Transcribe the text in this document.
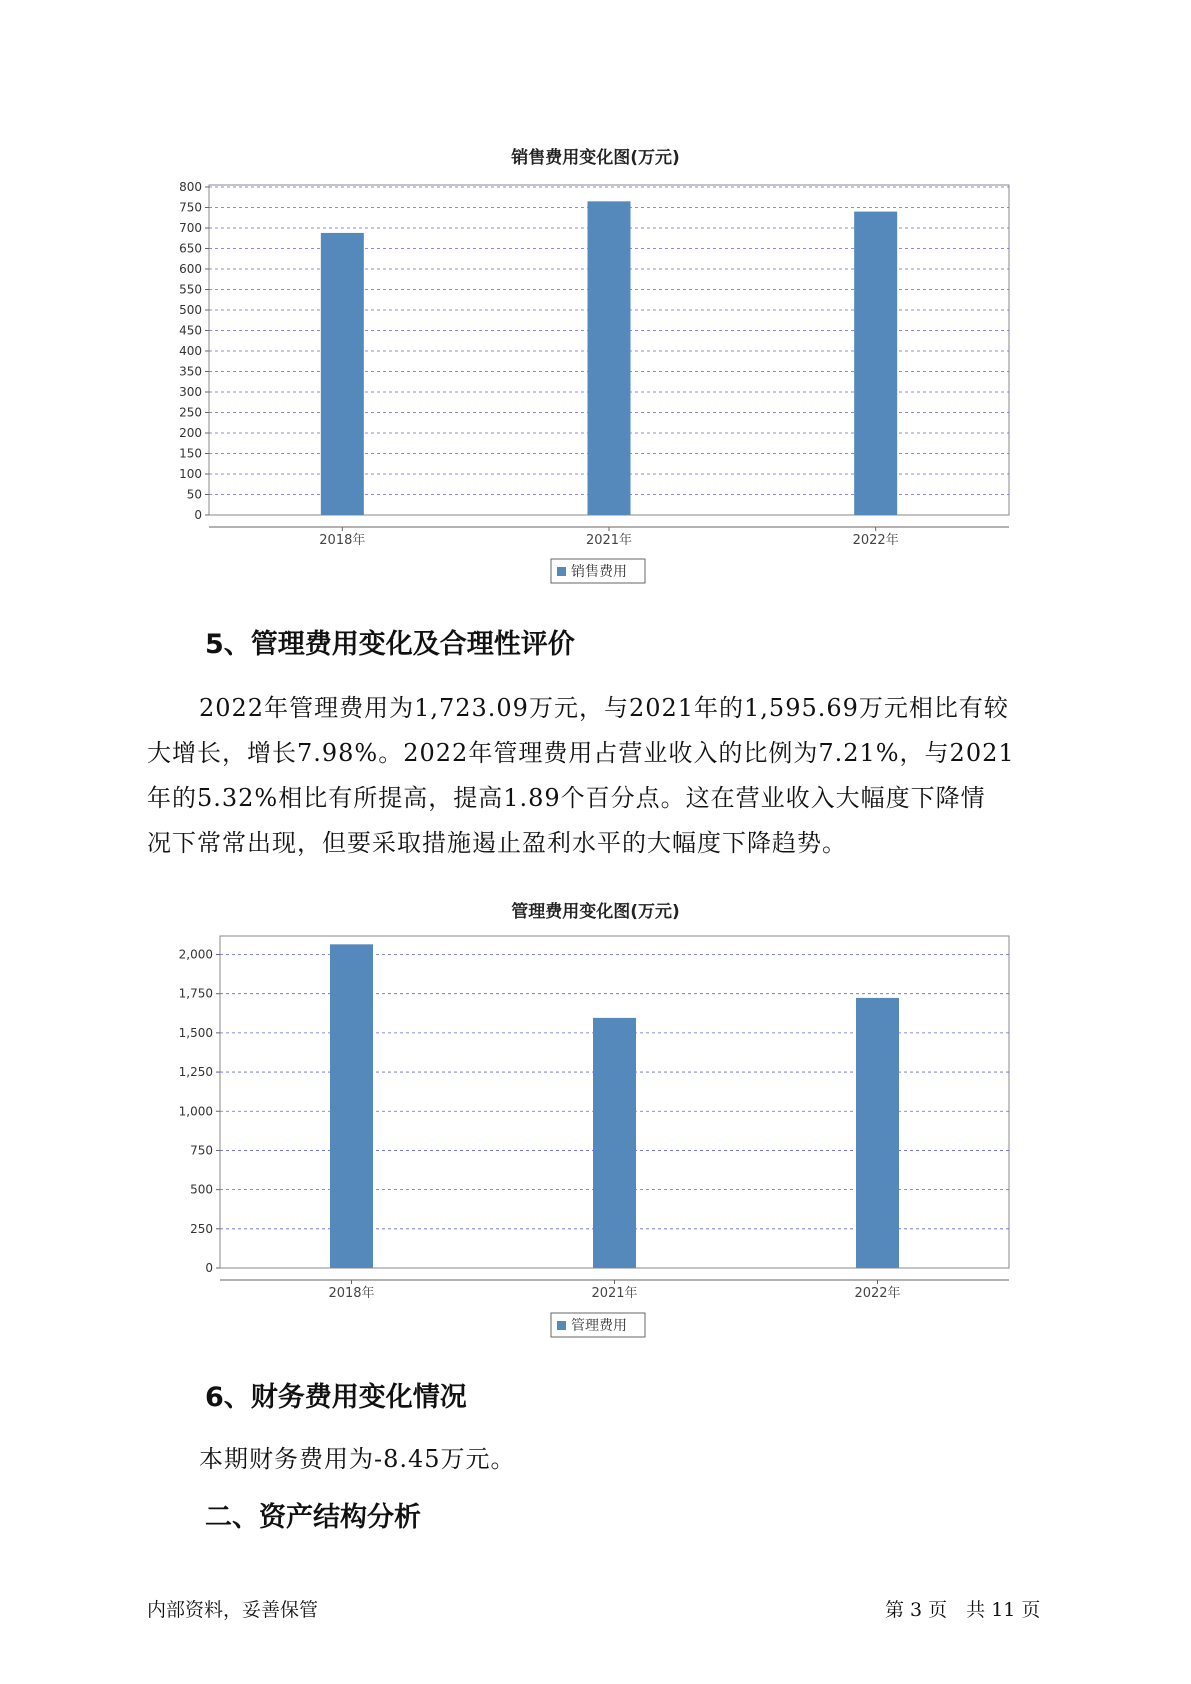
销售费用变化图(万元)
0
50
100
150
200
250
300
350
400
450
500
550
600
650
700
750
800
2018年	2021年	2022年
销售费用
管理费用变化图(万元)
0
250
500
750
1,000
1,250
1,500
1,750
2,000
2018年	2021年	2022年
管理费用
5、管理费用变化及合理性评价
2022年管理费用为1,723.09万元，与2021年的1,595.69万元相比有较
大增长，增长7.98%。2022年管理费用占营业收入的比例为7.21%，与2021
年的5.32%相比有所提高，提高1.89个百分点。这在营业收入大幅度下降情
况下常常出现，但要采取措施遏止盈利水平的大幅度下降趋势。
6、财务费用变化情况
本期财务费用为-8.45万元。
二、资产结构分析
内部资料，妥善保管	第 3 页　共 11 页
